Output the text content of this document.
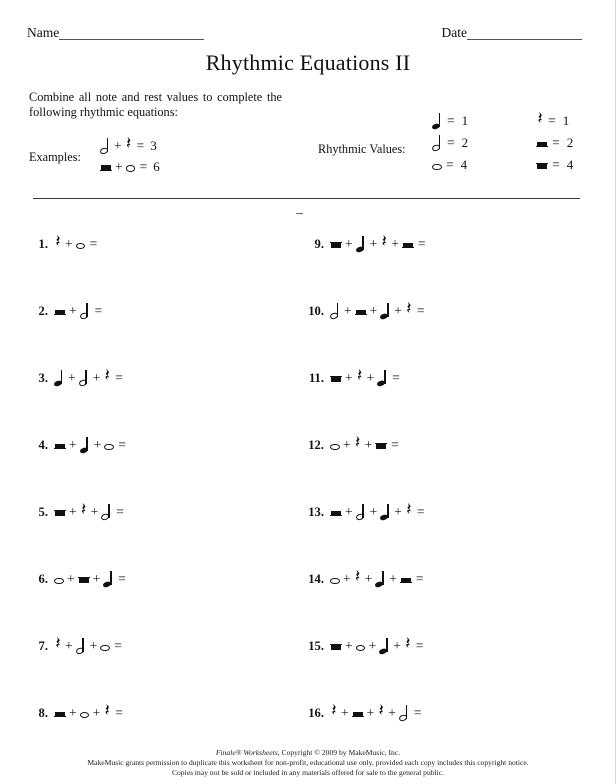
Name	Date
Rhythmic Equations II
Combine all note and rest values to complete the following rhythmic equations:
Examples:
+ 𝄽 = 3
+ = 6
Rhythmic Values:
= 1
= 2
= 4
𝄽 = 1
= 2
= 4
1. 𝄽 + =
2.	+ =
3.	+ + 𝄽 =
4.	+ + =
5.	+ 𝄽 + =
6.	+ + =
7. 𝄽 + + =
8.	+ + 𝄽 =
9.	+ + 𝄽 + =
10.	+ + + 𝄽 =
11.	+ 𝄽 + =
12.	+ 𝄽 + =
13.	+ + + 𝄽 =
14.	+ 𝄽 + + =
15.	+ + + 𝄽 =
16. 𝄽 + + 𝄽 + =
Finale® Worksheets, Copyright © 2009 by MakeMusic, Inc.
MakeMusic grants permission to duplicate this worksheet for non-profit, educational use only, provided each copy includes this copyright notice.
Copies may not be sold or included in any materials offered for sale to the general public.
